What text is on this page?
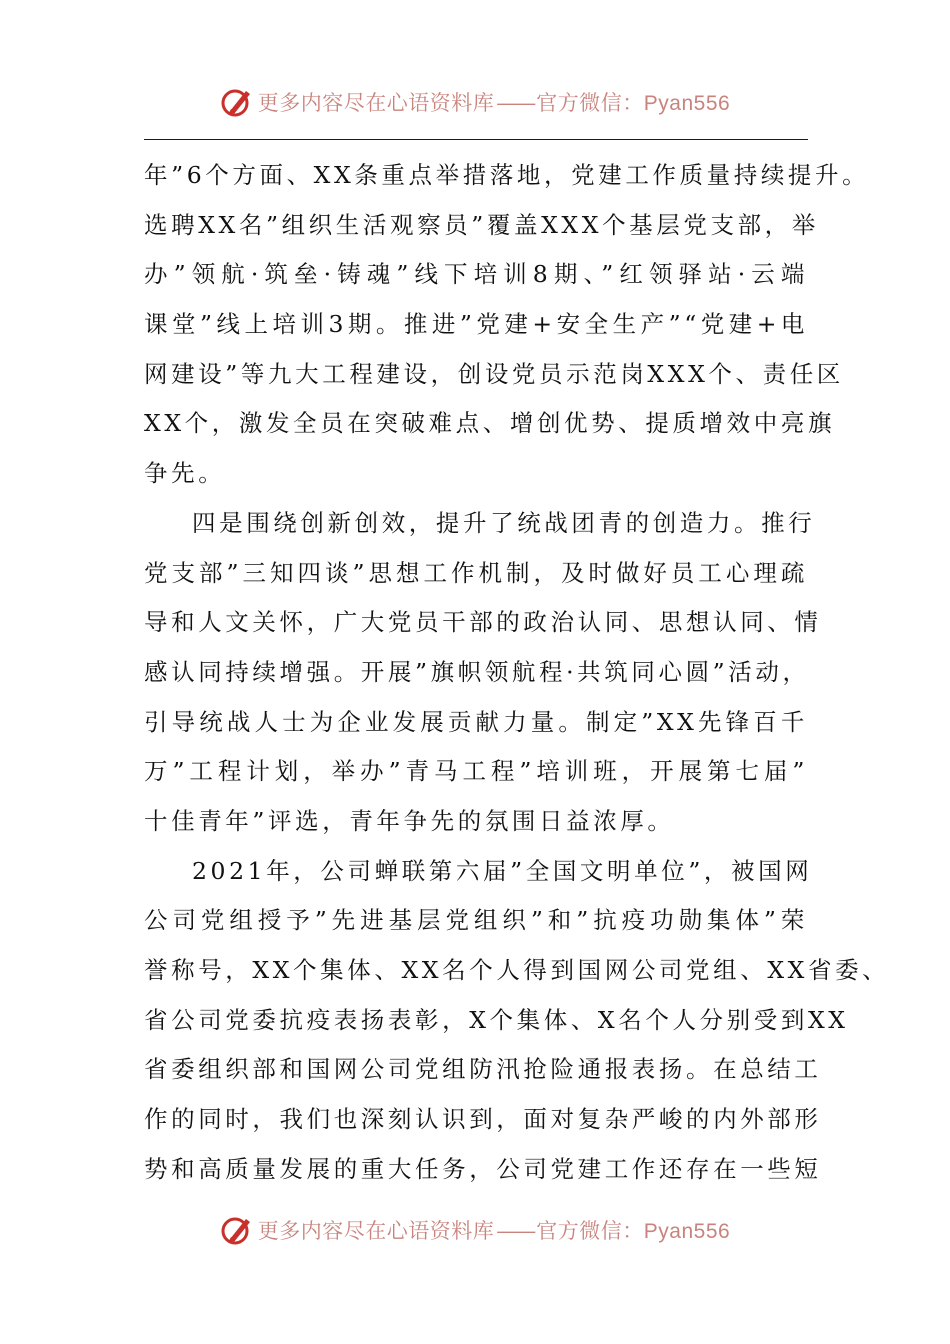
更多内容尽在心语资料库——官方微信：Pyan556
年”6个方面、XX条重点举措落地，党建工作质量持续提升。
选聘XX名”组织生活观察员”覆盖XXX个基层党支部，举
办”领航·筑垒·铸魂”线下培训8期、”红领驿站·云端
课堂”线上培训3期。推进”党建+安全生产”“党建+电
网建设”等九大工程建设，创设党员示范岗XXX个、责任区
XX个，激发全员在突破难点、增创优势、提质增效中亮旗
争先。
四是围绕创新创效，提升了统战团青的创造力。推行
党支部”三知四谈”思想工作机制，及时做好员工心理疏
导和人文关怀，广大党员干部的政治认同、思想认同、情
感认同持续增强。开展”旗帜领航程·共筑同心圆”活动，
引导统战人士为企业发展贡献力量。制定”XX先锋百千
万”工程计划，举办”青马工程”培训班，开展第七届”
十佳青年”评选，青年争先的氛围日益浓厚。
2021年，公司蝉联第六届”全国文明单位”，被国网
公司党组授予”先进基层党组织”和”抗疫功勋集体”荣
誉称号，XX个集体、XX名个人得到国网公司党组、XX省委、
省公司党委抗疫表扬表彰，X个集体、X名个人分别受到XX
省委组织部和国网公司党组防汛抢险通报表扬。在总结工
作的同时，我们也深刻认识到，面对复杂严峻的内外部形
势和高质量发展的重大任务，公司党建工作还存在一些短
更多内容尽在心语资料库——官方微信：Pyan556
